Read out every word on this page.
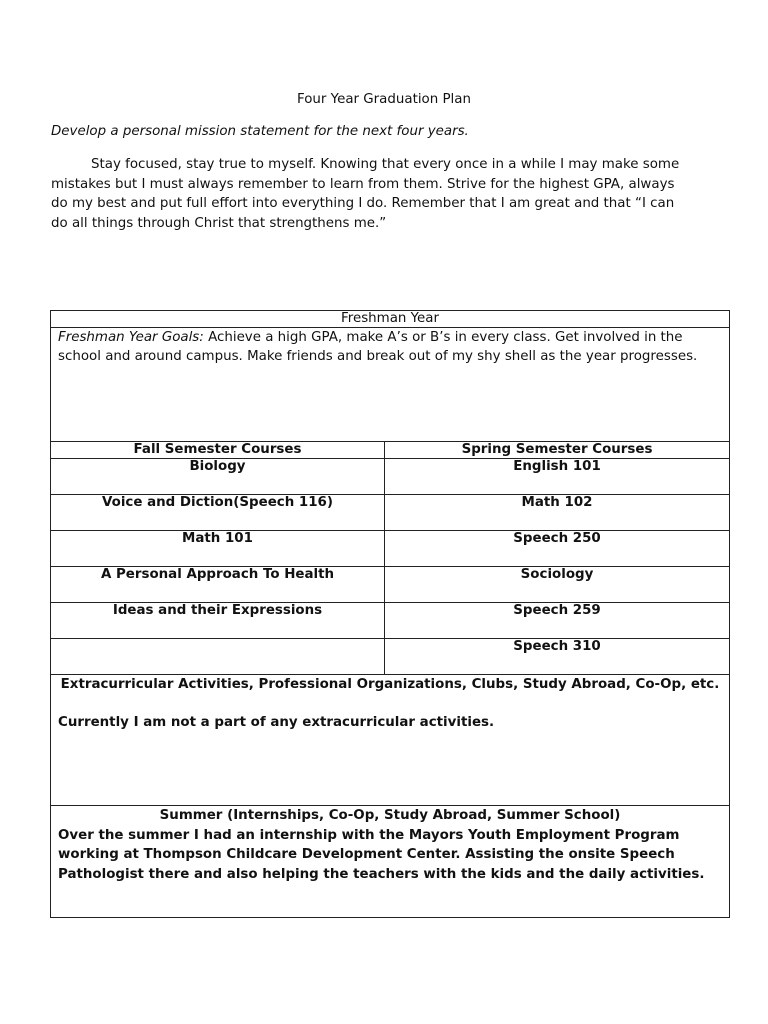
Four Year Graduation Plan
Develop a personal mission statement for the next four years.
Stay focused, stay true to myself. Knowing that every once in a while I may make some mistakes but I must always remember to learn from them. Strive for the highest GPA, always do my best and put full effort into everything I do. Remember that I am great and that “I can do all things through Christ that strengthens me.”
Freshman Year	
Freshman Year Goals: Achieve a high GPA, make A’s or B’s in every class. Get involved in the school and around campus. Make friends and break out of my shy shell as the year progresses.	
Fall Semester Courses	Spring Semester Courses
Biology	English 101
Voice and Diction(Speech 116)	Math 102
Math 101	Speech 250
A Personal Approach To Health	Sociology
Ideas and their Expressions	Speech 259
	Speech 310

Extracurricular Activities, Professional Organizations, Clubs, Study Abroad, Co-Op, etc.
Currently I am not a part of any extracurricular activities.	

Summer (Internships, Co-Op, Study Abroad, Summer School)
Over the summer I had an internship with the Mayors Youth Employment Program working at Thompson Childcare Development Center. Assisting the onsite Speech Pathologist there and also helping the teachers with the kids and the daily activities.	
